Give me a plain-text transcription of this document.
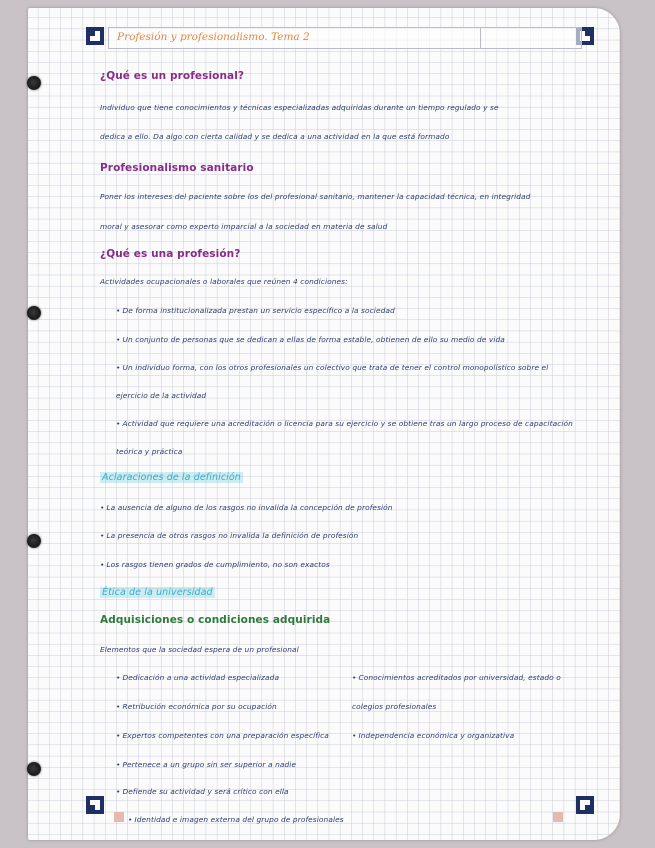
Profesión y profesionalismo. Tema 2
¿Qué es un profesional?
Individuo que tiene conocimientos y técnicas especializadas adquiridas durante un tiempo regulado y se
dedica a ello. Da algo con cierta calidad y se dedica a una actividad en la que está formado
Profesionalismo sanitario
Poner los intereses del paciente sobre los del profesional sanitario, mantener la capacidad técnica, en integridad
moral y asesorar como experto imparcial a la sociedad en materia de salud
¿Qué es una profesión?
Actividades ocupacionales o laborales que reúnen 4 condiciones:
• De forma institucionalizada prestan un servicio específico a la sociedad
• Un conjunto de personas que se dedican a ellas de forma estable, obtienen de ello su medio de vida
• Un individuo forma, con los otros profesionales un colectivo que trata de tener el control monopolístico sobre el
ejercicio de la actividad
• Actividad que requiere una acreditación o licencia para su ejercicio y se obtiene tras un largo proceso de capacitación
teórica y práctica
Aclaraciones de la definición
• La ausencia de alguno de los rasgos no invalida la concepción de profesión
• La presencia de otros rasgos no invalida la definición de profesión
• Los rasgos tienen grados de cumplimiento, no son exactos
Ética de la universidad
Adquisiciones o condiciones adquirida
Elementos que la sociedad espera de un profesional
• Dedicación a una actividad especializada
• Retribución económica por su ocupación
• Expertos competentes con una preparación específica
• Pertenece a un grupo sin ser superior a nadie
• Defiende su actividad y será crítico con ella
• Identidad e imagen externa del grupo de profesionales
• Conocimientos acreditados por universidad, estado o
colegios profesionales
• Independencia económica y organizativa
